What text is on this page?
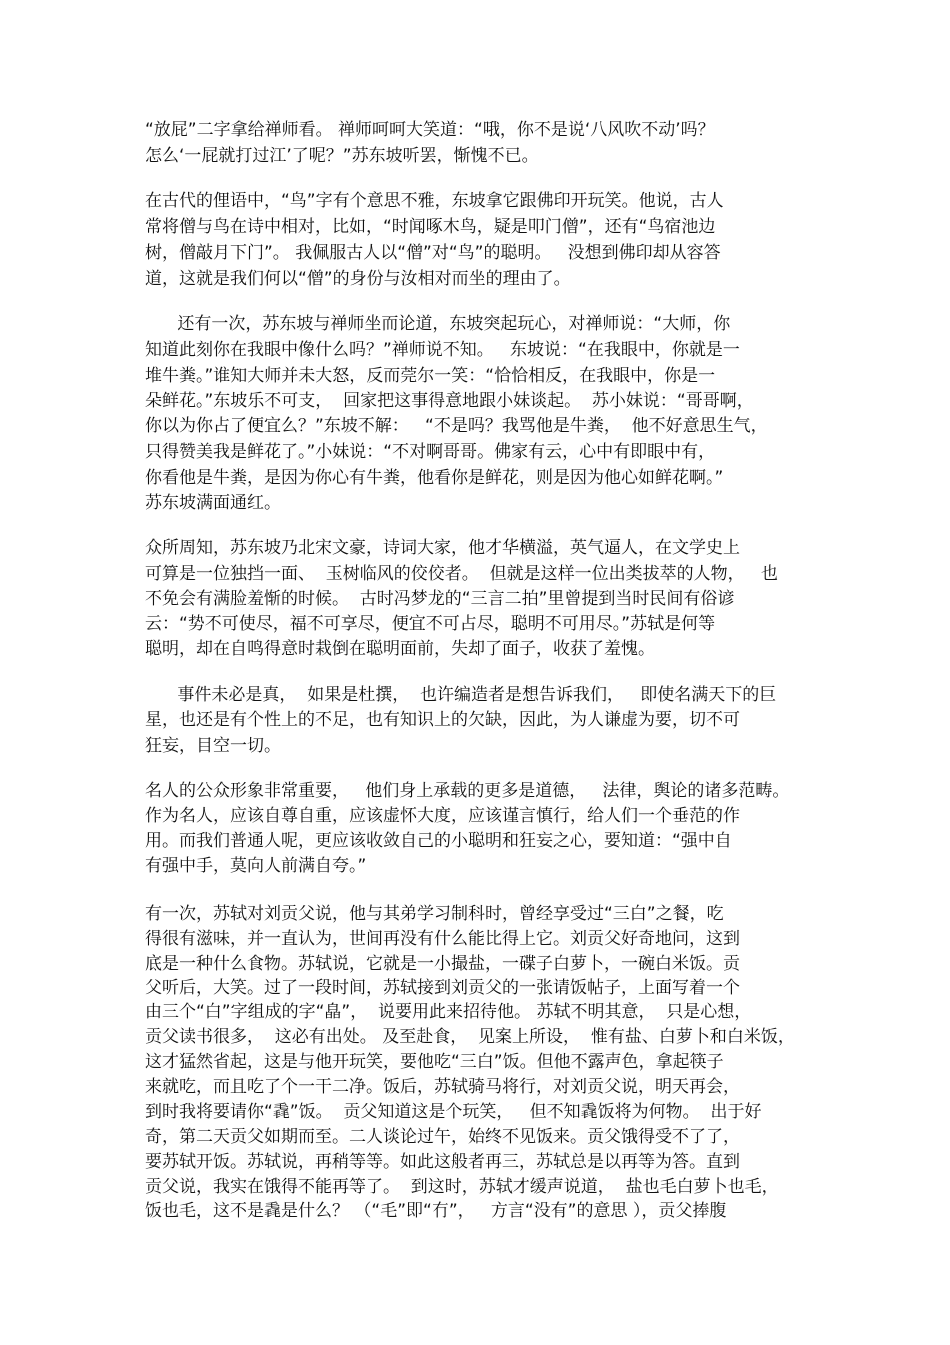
“放屁”二字拿给禅师看。 禅师呵呵大笑道：“哦，你不是说‘八风吹不动’吗？
怎么‘一屁就打过江’了呢？”苏东坡听罢，惭愧不已。
在古代的俚语中，“鸟”字有个意思不雅，东坡拿它跟佛印开玩笑。他说，古人
常将僧与鸟在诗中相对，比如，“时闻啄木鸟，疑是叩门僧”，还有“鸟宿池边
树，僧敲月下门”。 我佩服古人以“僧”对“鸟”的聪明。   没想到佛印却从容答
道，这就是我们何以“僧”的身份与汝相对而坐的理由了。
还有一次，苏东坡与禅师坐而论道，东坡突起玩心，对禅师说：“大师，你
知道此刻你在我眼中像什么吗？”禅师说不知。   东坡说：“在我眼中，你就是一
堆牛粪。”谁知大师并未大怒，反而莞尔一笑：“恰恰相反，在我眼中，你是一
朵鲜花。”东坡乐不可支，  回家把这事得意地跟小妹谈起。  苏小妹说：“哥哥啊，
你以为你占了便宜么？”东坡不解：   “不是吗？我骂他是牛粪，  他不好意思生气，
只得赞美我是鲜花了。”小妹说：“不对啊哥哥。佛家有云，心中有即眼中有，
你看他是牛粪，是因为你心有牛粪，他看你是鲜花，则是因为他心如鲜花啊。”
苏东坡满面通红。
众所周知，苏东坡乃北宋文豪，诗词大家，他才华横溢，英气逼人，在文学史上
可算是一位独挡一面、  玉树临风的佼佼者。  但就是这样一位出类拔萃的人物，   也
不免会有满脸羞惭的时候。  古时冯梦龙的“三言二拍”里曾提到当时民间有俗谚
云：“势不可使尽，福不可享尽，便宜不可占尽，聪明不可用尽。”苏轼是何等
聪明，却在自鸣得意时栽倒在聪明面前，失却了面子，收获了羞愧。
事件未必是真，  如果是杜撰，  也许编造者是想告诉我们，   即使名满天下的巨
星，也还是有个性上的不足，也有知识上的欠缺，因此，为人谦虚为要，切不可
狂妄，目空一切。
名人的公众形象非常重要，   他们身上承载的更多是道德，   法律，舆论的诸多范畴。
作为名人，应该自尊自重，应该虚怀大度，应该谨言慎行，给人们一个垂范的作
用。而我们普通人呢，更应该收敛自己的小聪明和狂妄之心，要知道：“强中自
有强中手，莫向人前满自夸。”
有一次，苏轼对刘贡父说，他与其弟学习制科时，曾经享受过“三白”之餐，吃
得很有滋味，并一直认为，世间再没有什么能比得上它。刘贡父好奇地问，这到
底是一种什么食物。苏轼说，它就是一小撮盐，一碟子白萝卜，一碗白米饭。贡
父听后，大笑。过了一段时间，苏轼接到刘贡父的一张请饭帖子，上面写着一个
由三个“白”字组成的字“皛”，  说要用此来招待他。 苏轼不明其意，  只是心想，
贡父读书很多，  这必有出处。 及至赴食，  见案上所设，  惟有盐、白萝卜和白米饭，
这才猛然省起，这是与他开玩笑，要他吃“三白”饭。但他不露声色，拿起筷子
来就吃，而且吃了个一干二净。饭后，苏轼骑马将行，对刘贡父说，明天再会，
到时我将要请你“毳”饭。  贡父知道这是个玩笑，   但不知毳饭将为何物。  出于好
奇，第二天贡父如期而至。二人谈论过午，始终不见饭来。贡父饿得受不了了，
要苏轼开饭。苏轼说，再稍等等。如此这般者再三，苏轼总是以再等为答。直到
贡父说，我实在饿得不能再等了。  到这时，苏轼才缓声说道，  盐也毛白萝卜也毛，
饭也毛，这不是毳是什么？ （“毛”即“冇”，   方言“没有”的意思 ），贡父捧腹
